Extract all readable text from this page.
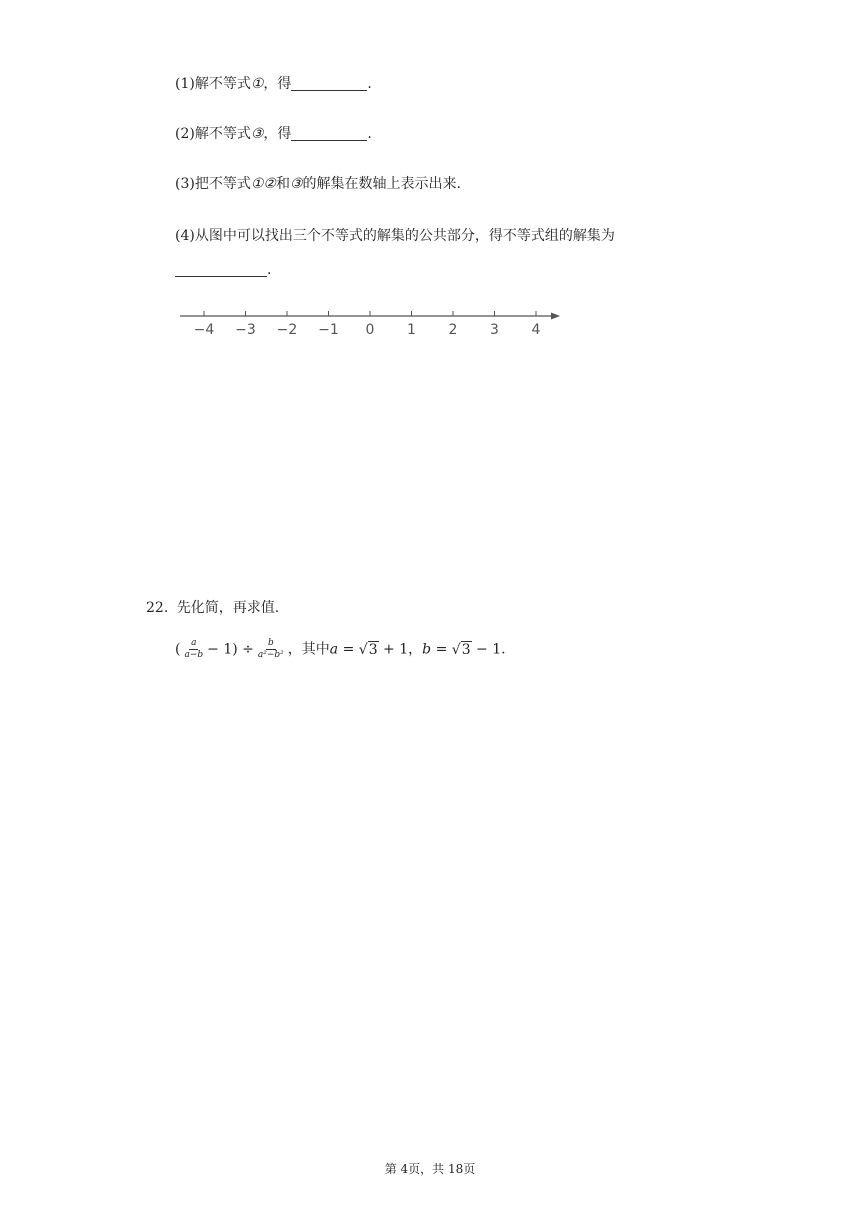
(1)解不等式①，得	.
(2)解不等式③，得	.
(3)把不等式①②和③的解集在数轴上表示出来.
(4)从图中可以找出三个不等式的解集的公共部分，得不等式组的解集为
.
−4 −3 −2 −1 0 1 2 3 4
22. 先化简，再求值.
( $\frac{a}{a-b} - 1) \div \frac{b}{\text{a²−b²}}$ ，其中a = √3 + 1，b = √3 − 1.
第 4页，共 18页
